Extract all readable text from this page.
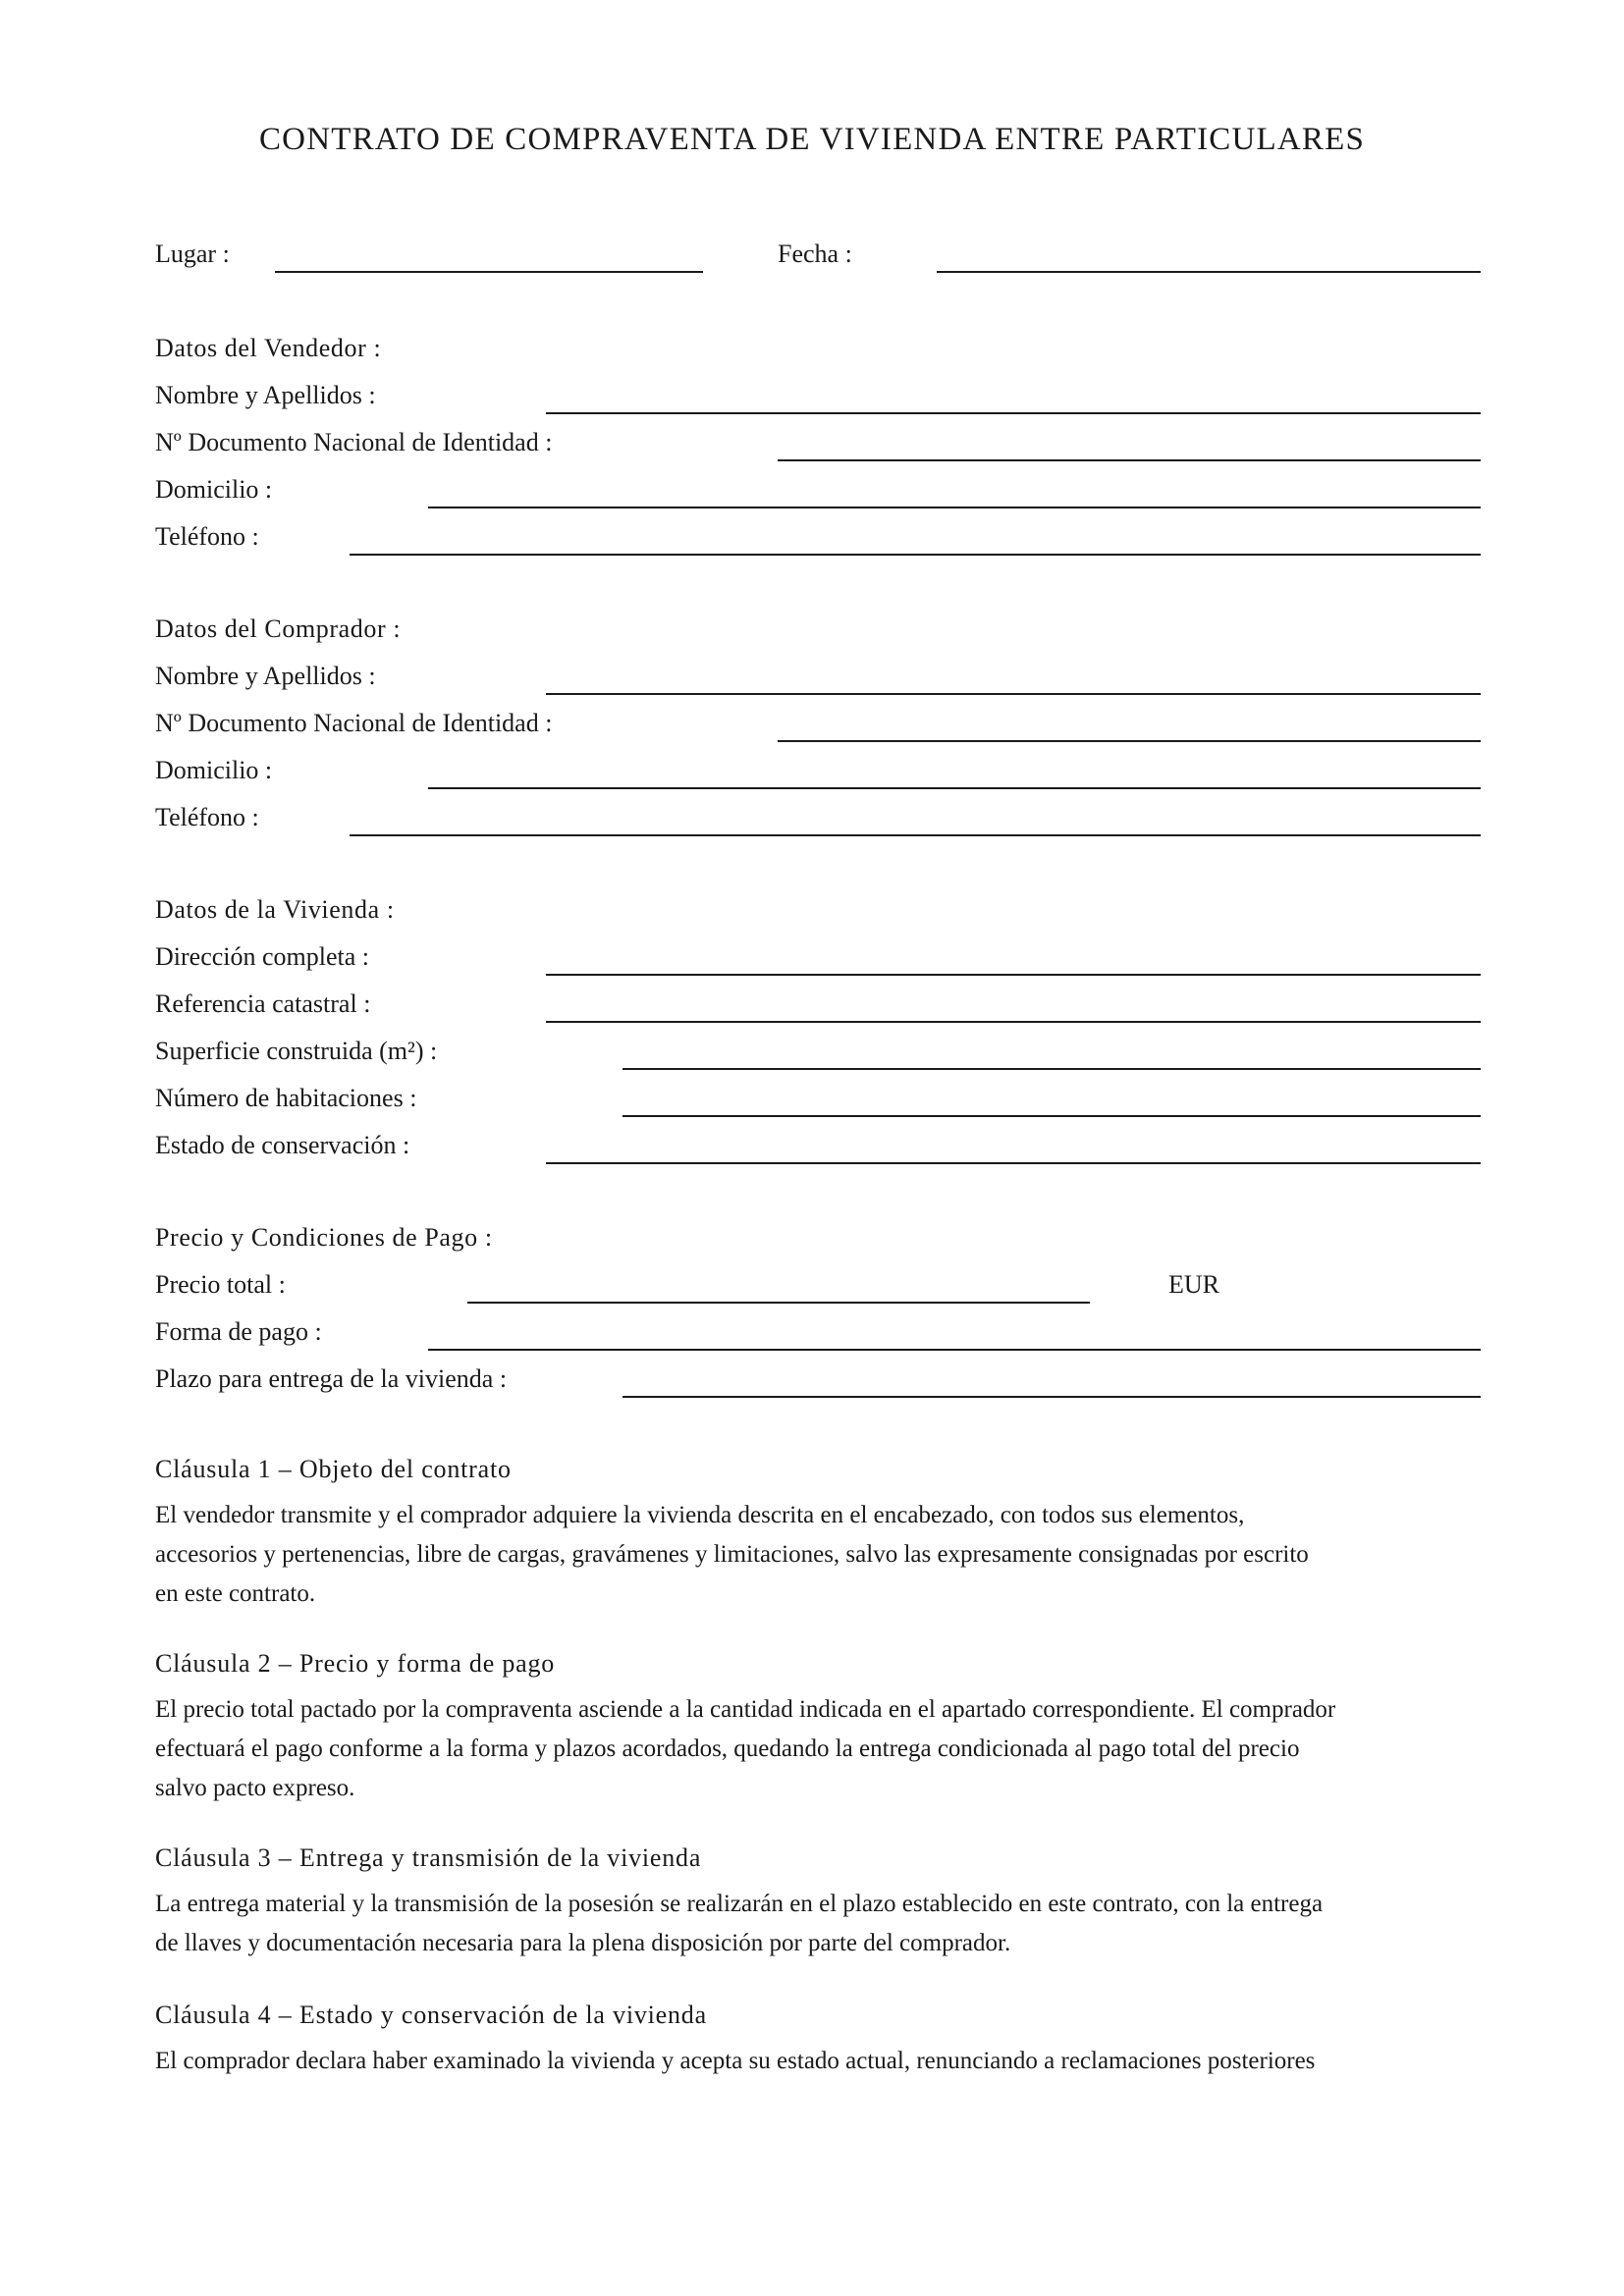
CONTRATO DE COMPRAVENTA DE VIVIENDA ENTRE PARTICULARES
Lugar :	Fecha :
Datos del Vendedor :
Nombre y Apellidos :
Nº Documento Nacional de Identidad :
Domicilio :
Teléfono :
Datos del Comprador :
Nombre y Apellidos :
Nº Documento Nacional de Identidad :
Domicilio :
Teléfono :
Datos de la Vivienda :
Dirección completa :
Referencia catastral :
Superficie construida (m²) :
Número de habitaciones :
Estado de conservación :
Precio y Condiciones de Pago :
Precio total :	EUR
Forma de pago :
Plazo para entrega de la vivienda :
Cláusula 1 – Objeto del contrato
El vendedor transmite y el comprador adquiere la vivienda descrita en el encabezado, con todos sus elementos,
accesorios y pertenencias, libre de cargas, gravámenes y limitaciones, salvo las expresamente consignadas por escrito
en este contrato.
Cláusula 2 – Precio y forma de pago
El precio total pactado por la compraventa asciende a la cantidad indicada en el apartado correspondiente. El comprador
efectuará el pago conforme a la forma y plazos acordados, quedando la entrega condicionada al pago total del precio
salvo pacto expreso.
Cláusula 3 – Entrega y transmisión de la vivienda
La entrega material y la transmisión de la posesión se realizarán en el plazo establecido en este contrato, con la entrega
de llaves y documentación necesaria para la plena disposición por parte del comprador.
Cláusula 4 – Estado y conservación de la vivienda
El comprador declara haber examinado la vivienda y acepta su estado actual, renunciando a reclamaciones posteriores
